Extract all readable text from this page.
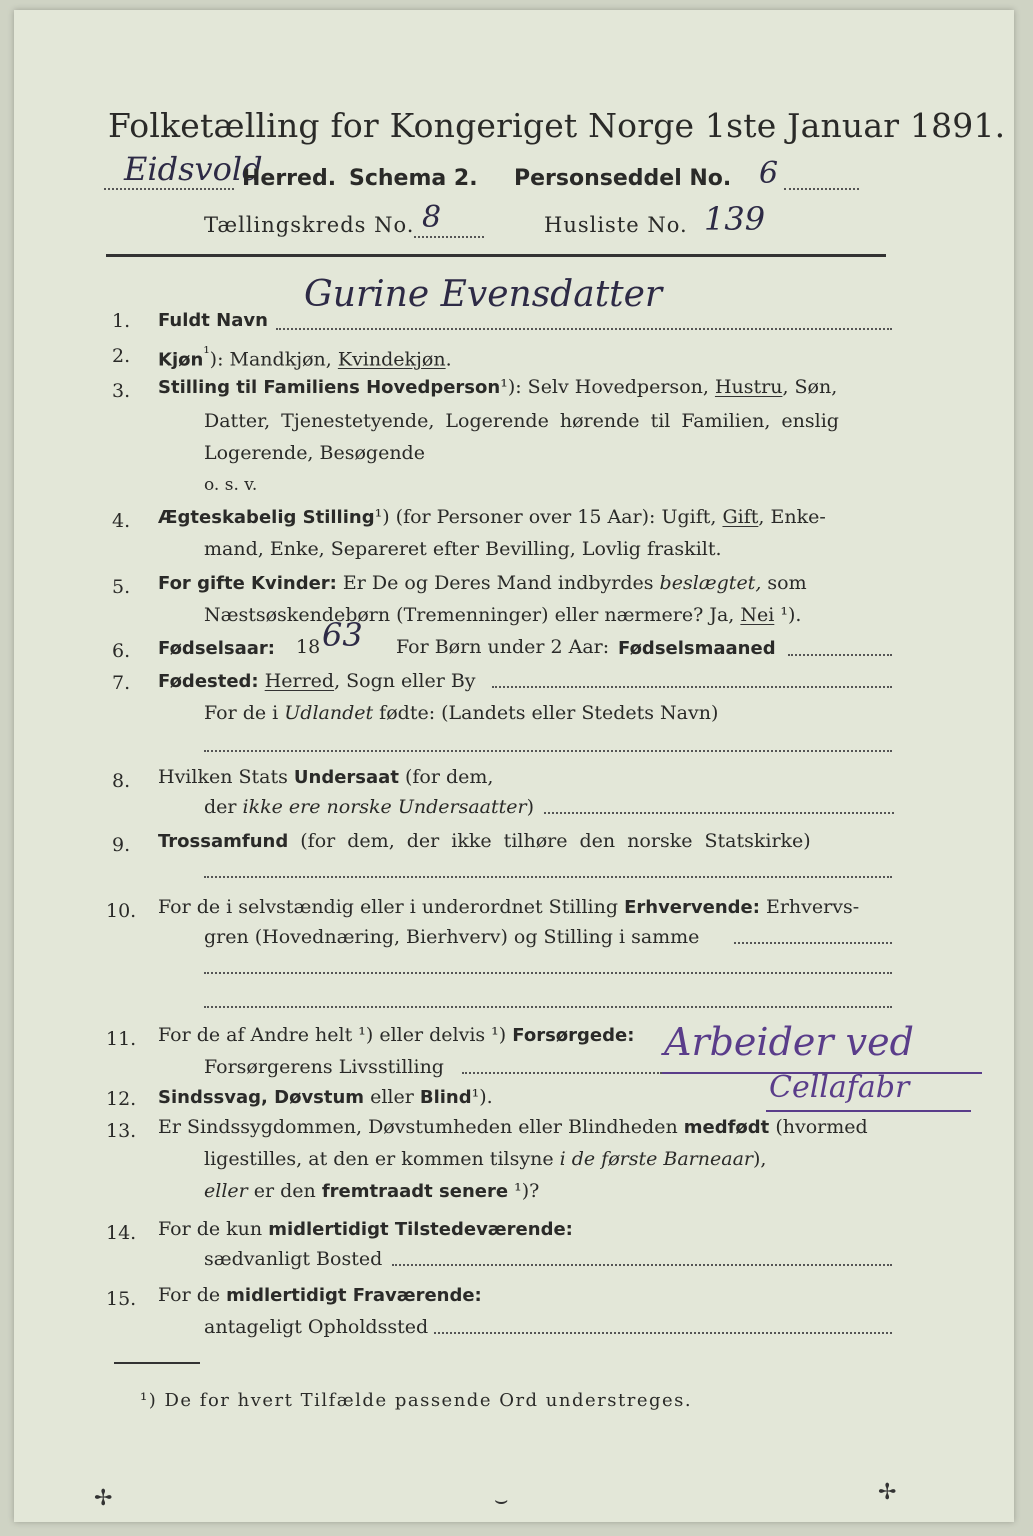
Folketælling for Kongeriget Norge 1ste Januar 1891.
Eidsvold
Herred. Schema 2. Personseddel No. 6
Tællingskreds No. 8	Husliste No. 139
1. Fuldt Navn
Gurine Evensdatter
2. Kjøn$^{^1}$): Mandkjøn, Kvindekjøn.
3. Stilling til Familiens Hovedperson¹): Selv Hovedperson, Hustru, Søn,
Datter, Tjenestetyende, Logerende hørende til Familien, enslig
Logerende, Besøgende
o. s. v.
4. Ægteskabelig Stilling¹) (for Personer over 15 Aar): Ugift, Gift, Enke-
mand, Enke, Separeret efter Bevilling, Lovlig fraskilt.
5. For gifte Kvinder: Er De og Deres Mand indbyrdes beslægtet, som
Næstsøskendebørn (Tremenninger) eller nærmere? Ja, Nei ¹).
6. Fødselsaar: 18 63 For Børn under 2 Aar: Fødselsmaaned
7. Fødested: Herred, Sogn eller By
For de i Udlandet fødte: (Landets eller Stedets Navn)
8. Hvilken Stats Undersaat (for dem,
der ikke ere norske Undersaatter)
9. Trossamfund (for dem, der ikke tilhøre den norske Statskirke)
10. For de i selvstændig eller i underordnet Stilling Erhvervende: Erhvervs-
gren (Hovednæring, Bierhverv) og Stilling i samme
11. For de af Andre helt ¹) eller delvis ¹) Forsørgede:
Forsørgerens Livsstilling
Arbeider ved
12. Sindssvag, Døvstum eller Blind¹).	Cellafabr
13. Er Sindssygdommen, Døvstumheden eller Blindheden medfødt (hvormed
ligestilles, at den er kommen tilsyne i de første Barneaar),
eller er den fremtraadt senere ¹)?
14. For de kun midlertidigt Tilstedeværende:
sædvanligt Bosted
15. For de midlertidigt Fraværende:
antageligt Opholdssted
¹) De for hvert Tilfælde passende Ord understreges.
✢	⌣	✢
